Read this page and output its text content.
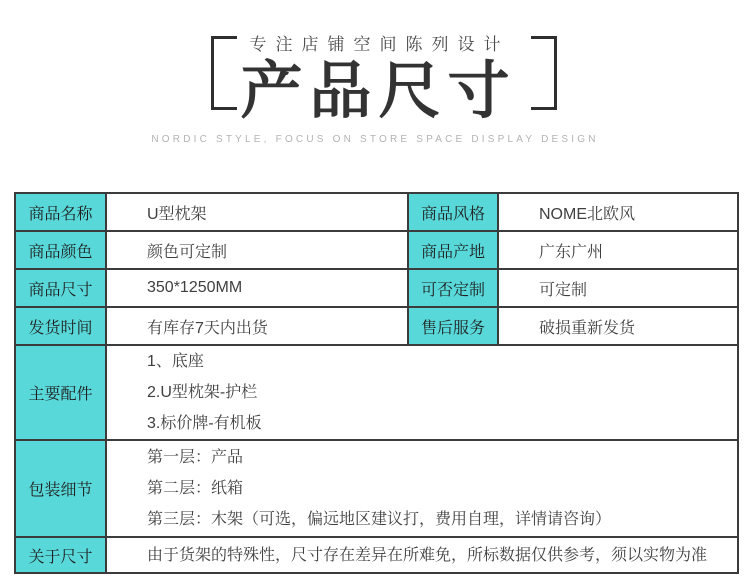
专注店铺空间陈列设计
产品尺寸
NORDIC STYLE, FOCUS ON STORE SPACE DISPLAY DESIGN
商品名称	U型枕架	商品风格	NOME北欧风
商品颜色	颜色可定制	商品产地	广东广州
商品尺寸	350*1250MM	可否定制	可定制
发货时间	有库存7天内出货	售后服务	破损重新发货
主要配件	1、底座
2.U型枕架-护栏
3.标价牌-有机板		

包装细节	第一层：产品
第二层：纸箱
第三层：木架（可选，偏远地区建议打，费用自理，详情请咨询）		

关于尺寸	由于货架的特殊性，尺寸存在差异在所难免，所标数据仅供参考，须以实物为准		
